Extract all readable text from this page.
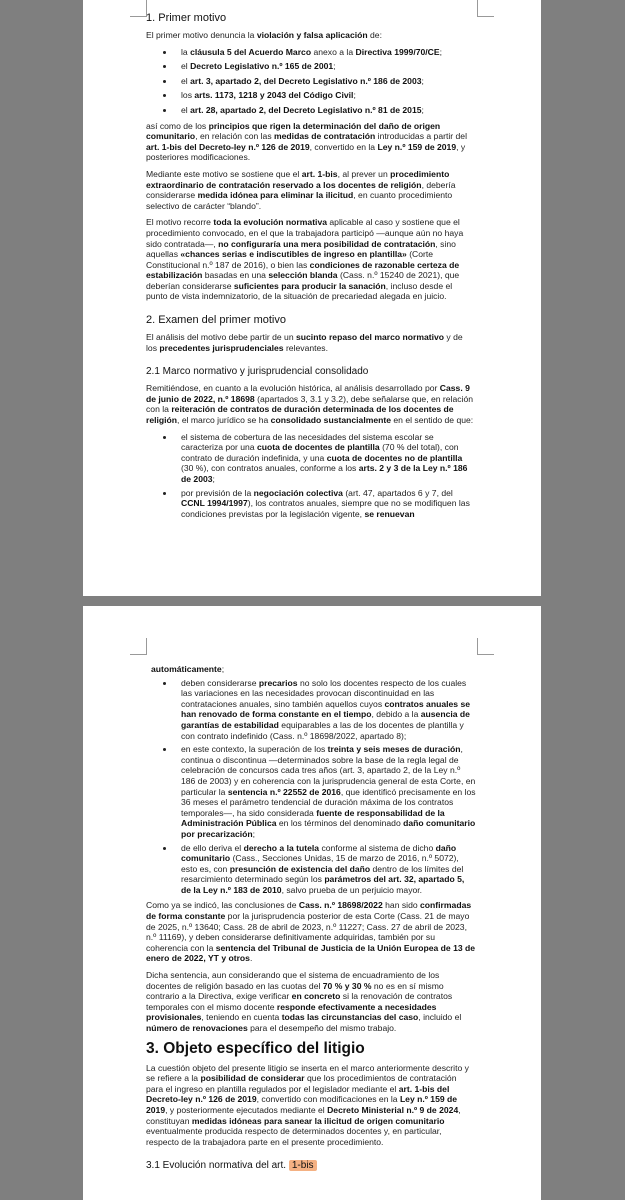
1. Primer motivo

El primer motivo denuncia la violación y falsa aplicación de:

• la cláusula 5 del Acuerdo Marco anexo a la Directiva 1999/70/CE;
• el Decreto Legislativo n.º 165 de 2001;
• el art. 3, apartado 2, del Decreto Legislativo n.º 186 de 2003;
• los arts. 1173, 1218 y 2043 del Código Civil;
• el art. 28, apartado 2, del Decreto Legislativo n.º 81 de 2015;

así como de los principios que rigen la determinación del daño de origen comunitario, en relación con las medidas de contratación introducidas a partir del art. 1-bis del Decreto-ley n.º 126 de 2019, convertido en la Ley n.º 159 de 2019, y posteriores modificaciones.

Mediante este motivo se sostiene que el art. 1-bis, al prever un procedimiento extraordinario de contratación reservado a los docentes de religión, debería considerarse medida idónea para eliminar la ilicitud, en cuanto procedimiento selectivo de carácter “blando”.

El motivo recorre toda la evolución normativa aplicable al caso y sostiene que el procedimiento convocado, en el que la trabajadora participó —aunque aún no haya sido contratada—, no configuraría una mera posibilidad de contratación, sino aquellas «chances serias e indiscutibles de ingreso en plantilla» (Corte Constitucional n.º 187 de 2016), o bien las condiciones de razonable certeza de estabilización basadas en una selección blanda (Cass. n.º 15240 de 2021), que deberían considerarse suficientes para producir la sanación, incluso desde el punto de vista indemnizatorio, de la situación de precariedad alegada en juicio.

2. Examen del primer motivo

El análisis del motivo debe partir de un sucinto repaso del marco normativo y de los precedentes jurisprudenciales relevantes.

2.1 Marco normativo y jurisprudencial consolidado

Remitiéndose, en cuanto a la evolución histórica, al análisis desarrollado por Cass. 9 de junio de 2022, n.º 18698 (apartados 3, 3.1 y 3.2), debe señalarse que, en relación con la reiteración de contratos de duración determinada de los docentes de religión, el marco jurídico se ha consolidado sustancialmente en el sentido de que:

• el sistema de cobertura de las necesidades del sistema escolar se caracteriza por una cuota de docentes de plantilla (70 % del total), con contrato de duración indefinida, y una cuota de docentes no de plantilla (30 %), con contratos anuales, conforme a los arts. 2 y 3 de la Ley n.º 186 de 2003;
• por previsión de la negociación colectiva (art. 47, apartados 6 y 7, del CCNL 1994/1997), los contratos anuales, siempre que no se modifiquen las condiciones previstas por la legislación vigente, se renuevan
automáticamente;
• deben considerarse precarios no solo los docentes respecto de los cuales las variaciones en las necesidades provocan discontinuidad en las contrataciones anuales, sino también aquellos cuyos contratos anuales se han renovado de forma constante en el tiempo, debido a la ausencia de garantías de estabilidad equiparables a las de los docentes de plantilla y con contrato indefinido (Cass. n.º 18698/2022, apartado 8);
• en este contexto, la superación de los treinta y seis meses de duración, continua o discontinua —determinados sobre la base de la regla legal de celebración de concursos cada tres años (art. 3, apartado 2, de la Ley n.º 186 de 2003) y en coherencia con la jurisprudencia general de esta Corte, en particular la sentencia n.º 22552 de 2016, que identificó precisamente en los 36 meses el parámetro tendencial de duración máxima de los contratos temporales—, ha sido considerada fuente de responsabilidad de la Administración Pública en los términos del denominado daño comunitario por precarización;
• de ello deriva el derecho a la tutela conforme al sistema de dicho daño comunitario (Cass., Secciones Unidas, 15 de marzo de 2016, n.º 5072), esto es, con presunción de existencia del daño dentro de los límites del resarcimiento determinado según los parámetros del art. 32, apartado 5, de la Ley n.º 183 de 2010, salvo prueba de un perjuicio mayor.

Como ya se indicó, las conclusiones de Cass. n.º 18698/2022 han sido confirmadas de forma constante por la jurisprudencia posterior de esta Corte (Cass. 21 de mayo de 2025, n.º 13640; Cass. 28 de abril de 2023, n.º 11227; Cass. 27 de abril de 2023, n.º 11169), y deben considerarse definitivamente adquiridas, también por su coherencia con la sentencia del Tribunal de Justicia de la Unión Europea de 13 de enero de 2022, YT y otros.

Dicha sentencia, aun considerando que el sistema de encuadramiento de los docentes de religión basado en las cuotas del 70 % y 30 % no es en sí mismo contrario a la Directiva, exige verificar en concreto si la renovación de contratos temporales con el mismo docente responde efectivamente a necesidades provisionales, teniendo en cuenta todas las circunstancias del caso, incluido el número de renovaciones para el desempeño del mismo trabajo.

3. Objeto específico del litigio

La cuestión objeto del presente litigio se inserta en el marco anteriormente descrito y se refiere a la posibilidad de considerar que los procedimientos de contratación para el ingreso en plantilla regulados por el legislador mediante el art. 1-bis del Decreto-ley n.º 126 de 2019, convertido con modificaciones en la Ley n.º 159 de 2019, y posteriormente ejecutados mediante el Decreto Ministerial n.º 9 de 2024, constituyan medidas idóneas para sanear la ilicitud de origen comunitario eventualmente producida respecto de determinados docentes y, en particular, respecto de la trabajadora parte en el presente procedimiento.

3.1 Evolución normativa del art. 1-bis
